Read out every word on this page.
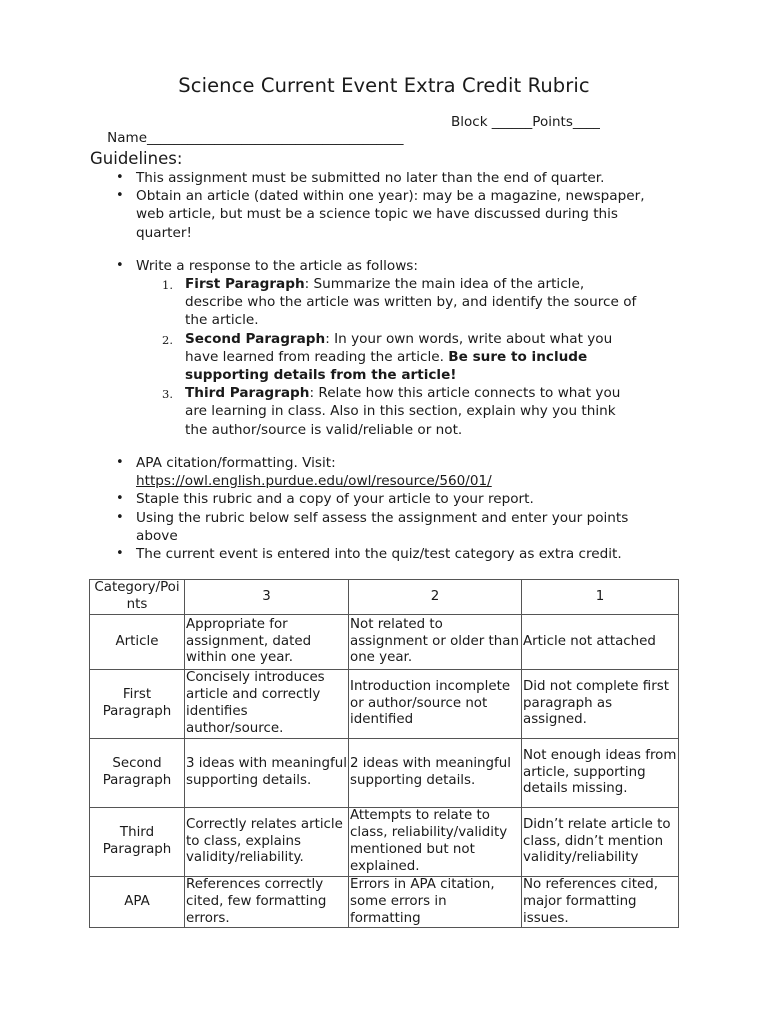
Science Current Event Extra Credit Rubric

Name______________________________________

Block ______Points____

Guidelines:
• This assignment must be submitted no later than the end of quarter.
• Obtain an article (dated within one year): may be a magazine, newspaper, web article, but must be a science topic we have discussed during this quarter!
• Write a response to the article as follows:
1. First Paragraph: Summarize the main idea of the article, describe who the article was written by, and identify the source of the article.
2. Second Paragraph: In your own words, write about what you have learned from reading the article. Be sure to include supporting details from the article!
3. Third Paragraph: Relate how this article connects to what you are learning in class. Also in this section, explain why you think the author/source is valid/reliable or not.
• APA citation/formatting. Visit:
https://owl.english.purdue.edu/owl/resource/560/01/
• Staple this rubric and a copy of your article to your report.
• Using the rubric below self assess the assignment and enter your points above
• The current event is entered into the quiz/test category as extra credit.
Category/Points	3	2	1
Article	Appropriate for assignment, dated within one year.	Not related to assignment or older than one year.	Article not attached
First Paragraph	Concisely introduces article and correctly identifies author/source.	Introduction incomplete or author/source not identified	Did not complete first paragraph as assigned.
Second Paragraph	3 ideas with meaningful supporting details.	2 ideas with meaningful supporting details.	Not enough ideas from article, supporting details missing.
Third Paragraph	Correctly relates article to class, explains validity/reliability.	Attempts to relate to class, reliability/validity mentioned but not explained.	Didn’t relate article to class, didn’t mention validity/reliability
APA	References correctly cited, few formatting errors.	Errors in APA citation, some errors in formatting	No references cited, major formatting issues.
